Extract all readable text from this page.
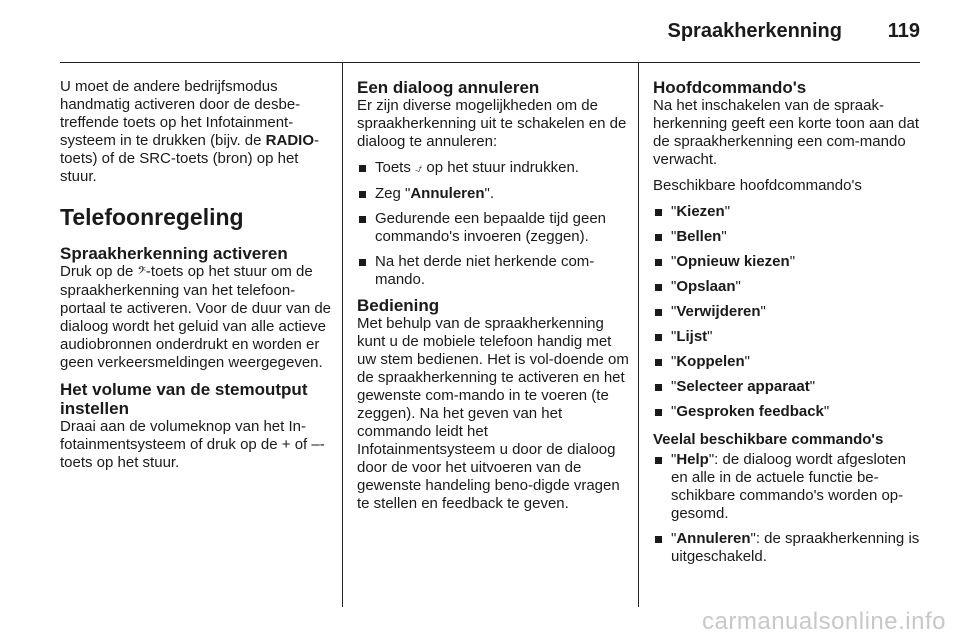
Spraakherkenning 119

U moet de andere bedrijfsmodus handmatig activeren door de desbe-treffende toets op het Infotainment-systeem in te drukken (bijv. de RADIO-toets) of de SRC-toets (bron) op het stuur.

Telefoonregeling
Spraakherkenning activeren

Druk op de 𝄢-toets op het stuur om de spraakherkenning van het telefoon-portaal te activeren. Voor de duur van de dialoog wordt het geluid van alle actieve audiobronnen onderdrukt en worden er geen verkeersmeldingen weergegeven.

Het volume van de stemoutput instellen

Draai aan de volumeknop van het In-fotainmentsysteem of druk op de + of –-toets op het stuur.

Een dialoog annuleren

Er zijn diverse mogelijkheden om de spraakherkenning uit te schakelen en de dialoog te annuleren:

Toets ⍻ op het stuur indrukken.
Zeg "Annuleren".
Gedurende een bepaalde tijd geen commando's invoeren (zeggen).
Na het derde niet herkende com-mando.
Bediening

Met behulp van de spraakherkenning kunt u de mobiele telefoon handig met uw stem bedienen. Het is vol-doende om de spraakherkenning te activeren en het gewenste com-mando in te voeren (te zeggen). Na het geven van het commando leidt het Infotainmentsysteem u door de dialoog door de voor het uitvoeren van de gewenste handeling beno-digde vragen te stellen en feedback te geven.

Hoofdcommando's

Na het inschakelen van de spraak-herkenning geeft een korte toon aan dat de spraakherkenning een com-mando verwacht.

Beschikbare hoofdcommando's

"Kiezen"
"Bellen"
"Opnieuw kiezen"
"Opslaan"
"Verwijderen"
"Lijst"
"Koppelen"
"Selecteer apparaat"
"Gesproken feedback"
Veelal beschikbare commando's
"Help": de dialoog wordt afgesloten en alle in de actuele functie be-schikbare commando's worden op-gesomd.
"Annuleren": de spraakherkenning is uitgeschakeld.
carmanualsonline.info
